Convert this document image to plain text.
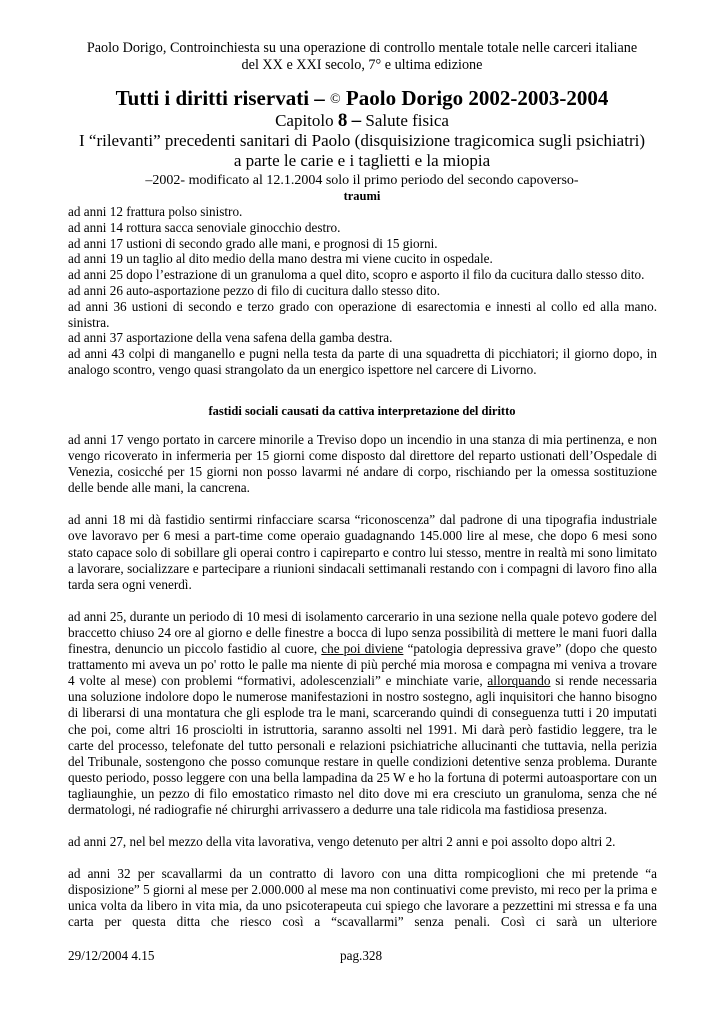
Paolo Dorigo, Controinchiesta su una operazione di controllo mentale totale nelle carceri italiane
del XX e XXI secolo, 7° e ultima edizione
Tutti i diritti riservati – © Paolo Dorigo 2002-2003-2004
Capitolo 8 – Salute fisica
I “rilevanti” precedenti sanitari di Paolo (disquisizione tragicomica sugli psichiatri)
a parte le carie e i taglietti e la miopia
–2002- modificato al 12.1.2004 solo il primo periodo del secondo capoverso-
traumi

ad anni 12 frattura polso sinistro.

ad anni 14 rottura sacca senoviale ginocchio destro.

ad anni 17 ustioni di secondo grado alle mani, e prognosi di 15 giorni.

ad anni 19 un taglio al dito medio della mano destra mi viene cucito in ospedale.

ad anni 25 dopo l’estrazione di un granuloma a quel dito, scopro e asporto il filo da cucitura dallo stesso dito.

ad anni 26 auto-asportazione pezzo di filo di cucitura dallo stesso dito.

ad anni 36 ustioni di secondo e terzo grado con operazione di esarectomia e innesti al collo ed alla mano. sinistra.

ad anni 37 asportazione della vena safena della gamba destra.

ad anni 43 colpi di manganello e pugni nella testa da parte di una squadretta di picchiatori; il giorno dopo, in analogo scontro, vengo quasi strangolato da un energico ispettore nel carcere di Livorno.

fastidi sociali causati da cattiva interpretazione del diritto

ad anni 17 vengo portato in carcere minorile a Treviso dopo un incendio in una stanza di mia pertinenza, e non vengo ricoverato in infermeria per 15 giorni come disposto dal direttore del reparto ustionati dell’Ospedale di Venezia, cosicché per 15 giorni non posso lavarmi né andare di corpo, rischiando per la omessa sostituzione delle bende alle mani, la cancrena.

ad anni 18 mi dà fastidio sentirmi rinfacciare scarsa “riconoscenza” dal padrone di una tipografia industriale ove lavoravo per 6 mesi a part-time come operaio guadagnando 145.000 lire al mese, che dopo 6 mesi sono stato capace solo di sobillare gli operai contro i capireparto e contro lui stesso, mentre in realtà mi sono limitato a lavorare, socializzare e partecipare a riunioni sindacali settimanali restando con i compagni di lavoro fino alla tarda sera ogni venerdì.

ad anni 25, durante un periodo di 10 mesi di isolamento carcerario in una sezione nella quale potevo godere del braccetto chiuso 24 ore al giorno e delle finestre a bocca di lupo senza possibilità di mettere le mani fuori dalla finestra, denuncio un piccolo fastidio al cuore, che poi diviene “patologia depressiva grave” (dopo che questo trattamento mi aveva un po' rotto le palle ma niente di più perché mia morosa e compagna mi veniva a trovare 4 volte al mese) con problemi “formativi, adolescenziali” e minchiate varie, allorquando si rende necessaria una soluzione indolore dopo le numerose manifestazioni in nostro sostegno, agli inquisitori che hanno bisogno di liberarsi di una montatura che gli esplode tra le mani, scarcerando quindi di conseguenza tutti i 20 imputati che poi, come altri 16 prosciolti in istruttoria, saranno assolti nel 1991. Mi darà però fastidio leggere, tra le carte del processo, telefonate del tutto personali e relazioni psichiatriche allucinanti che tuttavia, nella perizia del Tribunale, sostengono che posso comunque restare in quelle condizioni detentive senza problema. Durante questo periodo, posso leggere con una bella lampadina da 25 W e ho la fortuna di potermi autoasportare con un tagliaunghie, un pezzo di filo emostatico rimasto nel dito dove mi era cresciuto un granuloma, senza che né dermatologi, né radiografie né chirurghi arrivassero a dedurre una tale ridicola ma fastidiosa presenza.

ad anni 27, nel bel mezzo della vita lavorativa, vengo detenuto per altri 2 anni e poi assolto dopo altri 2.

ad anni 32 per scavallarmi da un contratto di lavoro con una ditta rompicoglioni che mi pretende “a disposizione” 5 giorni al mese per 2.000.000 al mese ma non continuativi come previsto, mi reco per la prima e unica volta da libero in vita mia, da uno psicoterapeuta cui spiego che lavorare a pezzettini mi stressa e fa una carta per questa ditta che riesco così a “scavallarmi” senza penali. Così ci sarà un ulteriore

29/12/2004 4.15	pag.328
